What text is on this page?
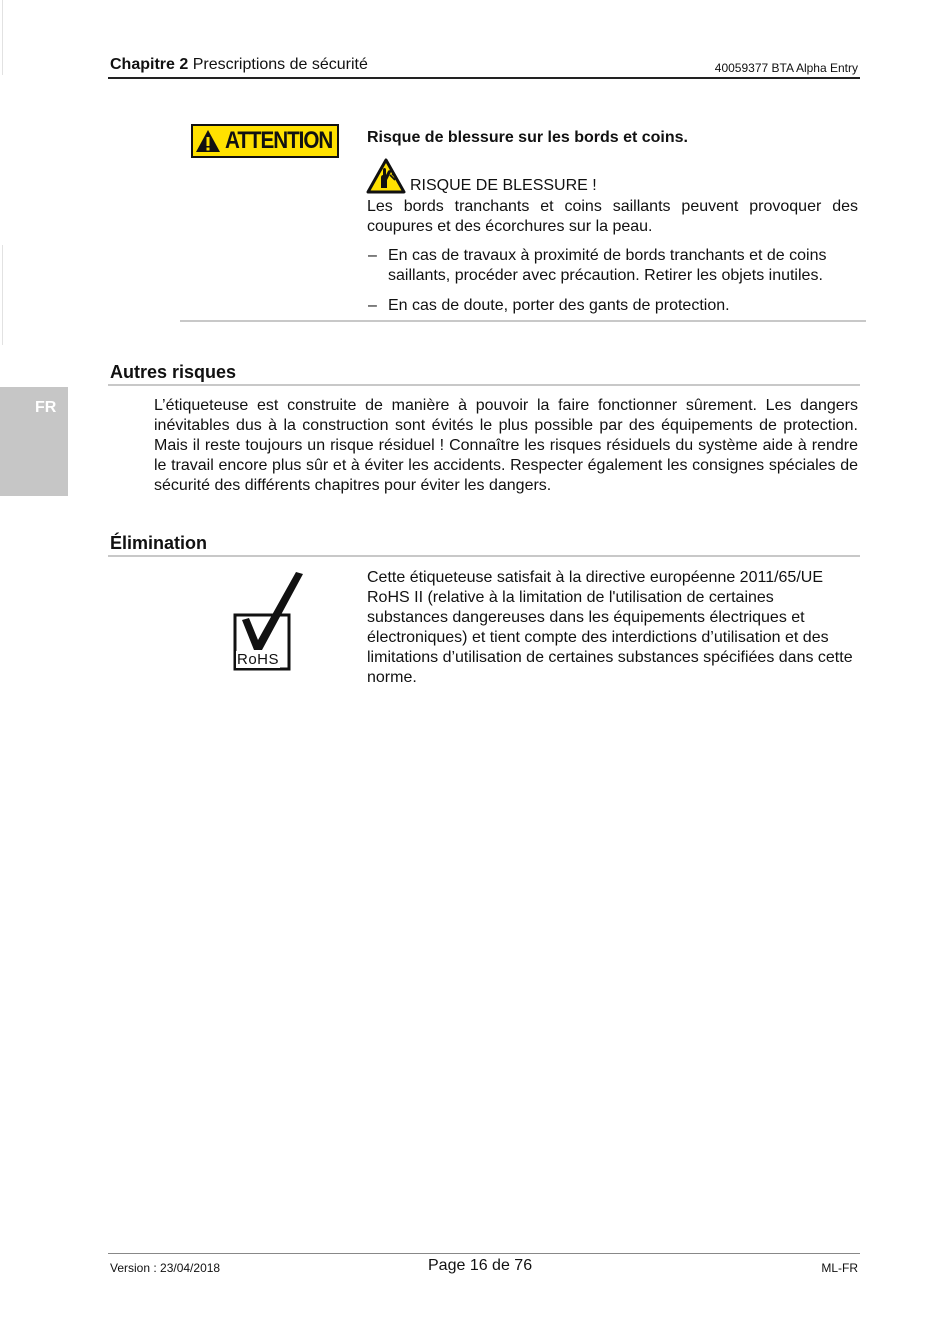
Chapitre 2 Prescriptions de sécurité	40059377 BTA Alpha Entry
FR
ATTENTION Risque de blessure sur les bords et coins.
RISQUE DE BLESSURE !

Les bords tranchants et coins saillants peuvent provoquer des coupures et des écorchures sur la peau.

– En cas de travaux à proximité de bords tranchants et de coins saillants, procéder avec précaution. Retirer les objets inutiles.
– En cas de doute, porter des gants de protection.
Autres risques

L’étiqueteuse est construite de manière à pouvoir la faire fonctionner sûrement. Les dangers inévitables dus à la construction sont évités le plus possible par des équipements de protection. Mais il reste toujours un risque résiduel ! Connaître les risques résiduels du système aide à rendre le travail encore plus sûr et à éviter les accidents. Respecter également les consignes spéciales de sécurité des différents chapitres pour éviter les dangers.

Élimination
RoHS

Cette étiqueteuse satisfait à la directive européenne 2011/65/UE RoHS II (relative à la limitation de l'utilisation de certaines substances dangereuses dans les équipements électriques et électroniques) et tient compte des interdictions d’utilisation et des limitations d’utilisation de certaines substances spécifiées dans cette norme.

Version : 23/04/2018	Page 16 de 76	ML-FR
